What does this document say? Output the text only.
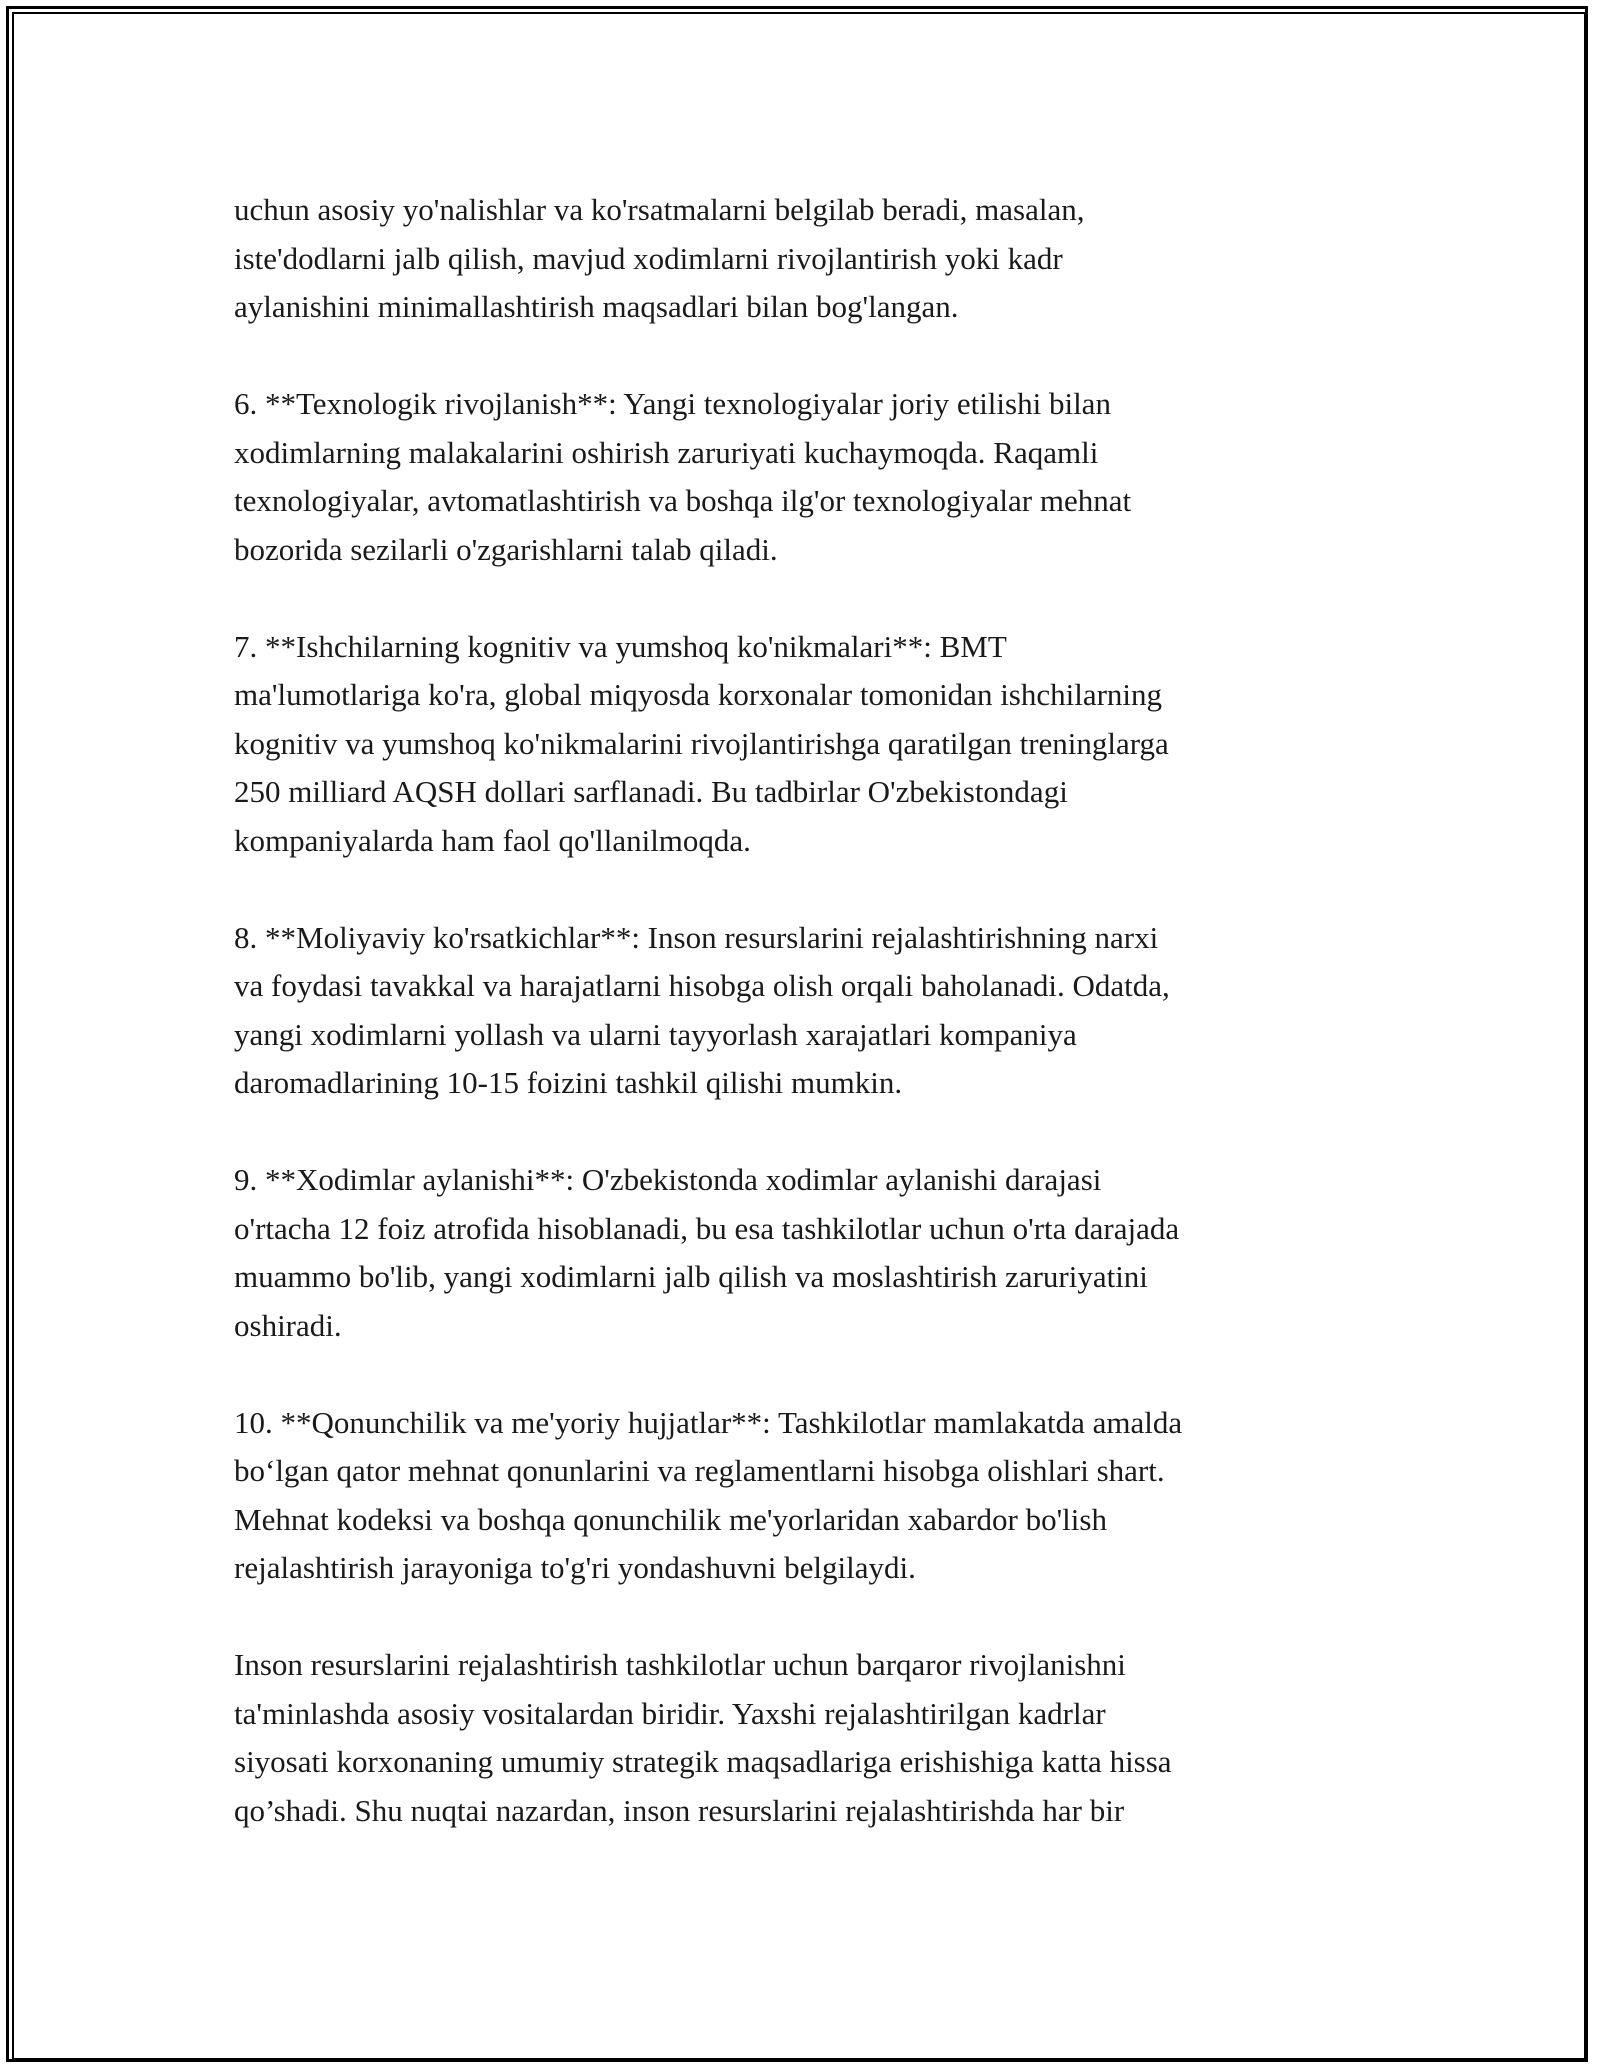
uchun asosiy yo'nalishlar va ko'rsatmalarni belgilab beradi, masalan,
iste'dodlarni jalb qilish, mavjud xodimlarni rivojlantirish yoki kadr
aylanishini minimallashtirish maqsadlari bilan bog'langan.

6. **Texnologik rivojlanish**: Yangi texnologiyalar joriy etilishi bilan
xodimlarning malakalarini oshirish zaruriyati kuchaymoqda. Raqamli
texnologiyalar, avtomatlashtirish va boshqa ilg'or texnologiyalar mehnat
bozorida sezilarli o'zgarishlarni talab qiladi.

7. **Ishchilarning kognitiv va yumshoq ko'nikmalari**: BMT
ma'lumotlariga ko'ra, global miqyosda korxonalar tomonidan ishchilarning
kognitiv va yumshoq ko'nikmalarini rivojlantirishga qaratilgan treninglarga
250 milliard AQSH dollari sarflanadi. Bu tadbirlar O'zbekistondagi
kompaniyalarda ham faol qo'llanilmoqda.

8. **Moliyaviy ko'rsatkichlar**: Inson resurslarini rejalashtirishning narxi
va foydasi tavakkal va harajatlarni hisobga olish orqali baholanadi. Odatda,
yangi xodimlarni yollash va ularni tayyorlash xarajatlari kompaniya
daromadlarining 10-15 foizini tashkil qilishi mumkin.

9. **Xodimlar aylanishi**: O'zbekistonda xodimlar aylanishi darajasi
o'rtacha 12 foiz atrofida hisoblanadi, bu esa tashkilotlar uchun o'rta darajada
muammo bo'lib, yangi xodimlarni jalb qilish va moslashtirish zaruriyatini
oshiradi.

10. **Qonunchilik va me'yoriy hujjatlar**: Tashkilotlar mamlakatda amalda
bo‘lgan qator mehnat qonunlarini va reglamentlarni hisobga olishlari shart.
Mehnat kodeksi va boshqa qonunchilik me'yorlaridan xabardor bo'lish
rejalashtirish jarayoniga to'g'ri yondashuvni belgilaydi.

Inson resurslarini rejalashtirish tashkilotlar uchun barqaror rivojlanishni
ta'minlashda asosiy vositalardan biridir. Yaxshi rejalashtirilgan kadrlar
siyosati korxonaning umumiy strategik maqsadlariga erishishiga katta hissa
qo’shadi. Shu nuqtai nazardan, inson resurslarini rejalashtirishda har bir
